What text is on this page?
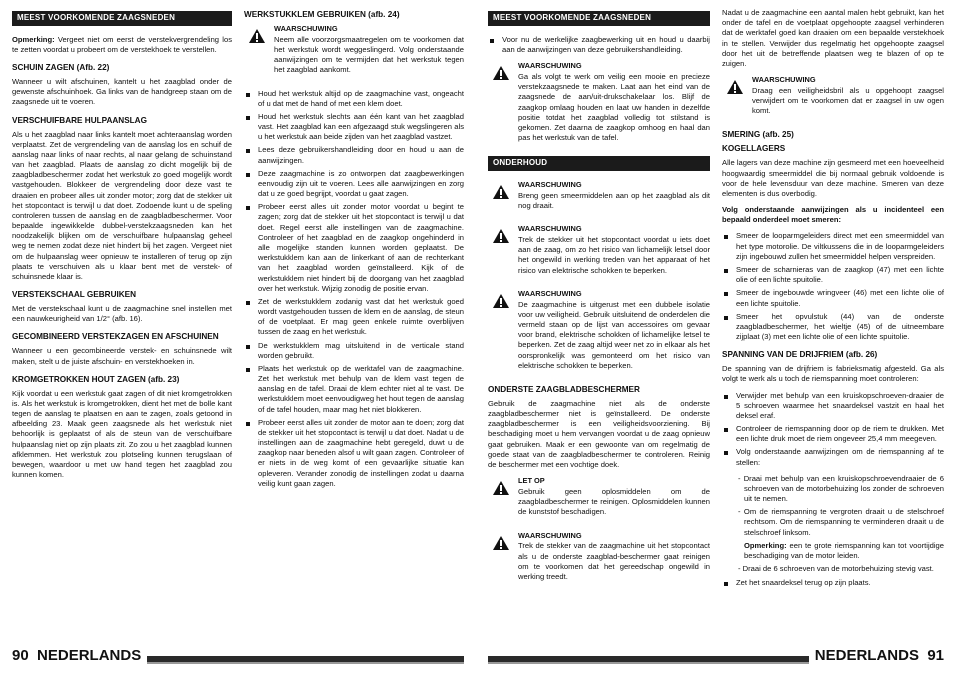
MEEST VOORKOMENDE ZAAGSNEDEN
Opmerking: Vergeet niet om eerst de verstekvergrendeling los te zetten voordat u probeert om de verstekhoek te verstellen.
SCHUIN ZAGEN (Afb. 22)
Wanneer u wilt afschuinen, kantelt u het zaagblad onder de gewenste afschuinhoek. Ga links van de handgreep staan om de zaagsnede uit te voeren.
VERSCHUIFBARE HULPAANSLAG
Als u het zaagblad naar links kantelt moet achteraanslag worden verplaatst. Zet de vergrendeling van de aanslag los en schuif de aanslag naar links of naar rechts, al naar gelang de schuinstand van het zaagblad. Plaats de aanslag zo dicht mogelijk bij de zaagbladbeschermer zodat het werkstuk zo goed mogelijk wordt vastgehouden. Blokkeer de vergrendeling door deze vast te draaien en probeer alles uit zonder motor; zorg dat de stekker uit het stopcontact is terwijl u dat doet. Zodoende kunt u de speling controleren tussen de aanslag en de zaagbladbeschermer. Voor bepaalde ingewikkelde dubbel-verstekzaagsneden kan het noodzakelijk blijken om de verschuifbare hulpaanslag geheel weg te nemen zodat deze niet hindert bij het zagen. Vergeet niet om de hulpaanslag weer opnieuw te installeren of terug op zijn plaats te verschuiven als u klaar bent met de verstek- of schuinsnede klaar is.
VERSTEKSCHAAL GEBRUIKEN
Met de verstekschaal kunt u de zaagmachine snel instellen met een nauwkeurigheid van 1/2° (afb. 16).
GECOMBINEERD VERSTEKZAGEN EN AFSCHUINEN
Wanneer u een gecombineerde verstek- en schuinsnede wilt maken, stelt u de juiste afschuin- en verstekhoeken in.
KROMGETROKKEN HOUT ZAGEN (afb. 23)
Kijk voordat u een werkstuk gaat zagen of dit niet kromgetrokken is. Als het werkstuk is kromgetrokken, dient het met de bolle kant tegen de aanslag te plaatsen en aan te zagen, zoals getoond in afbeelding 23. Maak geen zaagsnede als het werkstuk niet behoorlijk is geplaatst of als de steun van de verschuifbare hulpaanslag niet op zijn plaats zit. Zo zou u het zaagblad kunnen afklemmen. Het werkstuk zou plotseling kunnen terugslaan of bewegen, waardoor u met uw hand tegen het zaagblad zou kunnen komen.
WERKSTUKKLEM GEBRUIKEN (afb. 24)
WAARSCHUWING
Neem alle voorzorgsmaatregelen om te voorkomen dat het werkstuk wordt weggeslingerd. Volg onderstaande aanwijzingen om te vermijden dat het werkstuk tegen het zaagblad aankomt.
Houd het werkstuk altijd op de zaagmachine vast, ongeacht of u dat met de hand of met een klem doet.
Houd het werkstuk slechts aan één kant van het zaagblad vast. Het zaagblad kan een afgezaagd stuk wegslingeren als u het werkstuk aan beide zijden van het zaagblad vastzet.
Lees deze gebruikershandleiding door en houd u aan de aanwijzingen.
Deze zaagmachine is zo ontworpen dat zaagbewerkingen eenvoudig zijn uit te voeren. Lees alle aanwijzingen en zorg dat u ze goed begrijpt, voordat u gaat zagen.
Probeer eerst alles uit zonder motor voordat u begint te zagen; zorg dat de stekker uit het stopcontact is terwijl u dat doet. Regel eerst alle instellingen van de zaagmachine. Controleer of het zaagblad en de zaagkop ongehinderd in alle mogelijke standen kunnen worden geplaatst. De werkstukklem kan aan de linkerkant of aan de rechterkant van het zaagblad worden geïnstalleerd. Kijk of de werkstukklem niet hindert bij de doorgang van het zaagblad over het werkstuk. Wijzig zonodig de positie ervan.
Zet de werkstukklem zodanig vast dat het werkstuk goed wordt vastgehouden tussen de klem en de aanslag, de steun of de voetplaat. Er mag geen enkele ruimte overblijven tussen de zaag en het werkstuk.
De werkstukklem mag uitsluitend in de verticale stand worden gebruikt.
Plaats het werkstuk op de werktafel van de zaagmachine. Zet het werkstuk met behulp van de klem vast tegen de aanslag en de tafel. Draai de klem echter niet al te vast. De werkstukklem moet eenvoudigweg het hout tegen de aanslag of de tafel houden, maar mag het niet blokkeren.
Probeer eerst alles uit zonder de motor aan te doen; zorg dat de stekker uit het stopcontact is terwijl u dat doet. Nadat u de instellingen aan de zaagmachine hebt geregeld, duwt u de zaagkop naar beneden alsof u wilt gaan zagen. Controleer of er niets in de weg komt of een gevaarlijke situatie kan opleveren. Verander zonodig de instellingen zodat u daarna veilig kunt gaan zagen.
MEEST VOORKOMENDE ZAAGSNEDEN
Voor nu de werkelijke zaagbewerking uit en houd u daarbij aan de aanwijzingen van deze gebruikershandleiding.
WAARSCHUWING
Ga als volgt te werk om veilig een mooie en precieze verstekzaagsnede te maken. Laat aan het eind van de zaagsnede de aan/uit-drukschakelaar los. Blijf de zaagkop omlaag houden en laat uw handen in dezelfde positie totdat het zaagblad volledig tot stilstand is gekomen. Zet daarna de zaagkop omhoog en haal dan pas het werkstuk van de tafel.
ONDERHOUD
WAARSCHUWING
Breng geen smeermiddelen aan op het zaagblad als dit nog draait.
WAARSCHUWING
Trek de stekker uit het stopcontact voordat u iets doet aan de zaag, om zo het risico van lichamelijk letsel door het ongewild in werking treden van het apparaat of het risico van elektrische schokken te beperken.
WAARSCHUWING
De zaagmachine is uitgerust met een dubbele isolatie voor uw veiligheid. Gebruik uitsluitend de onderdelen die vermeld staan op de lijst van accessoires om gevaar voor brand, elektrische schokken of lichamelijke letsel te beperken. Zet de zaag altijd weer net zo in elkaar als het oorspronkelijk was gemonteerd om het risico van elektrische schokken te beperken.
ONDERSTE ZAAGBLADBESCHERMER
Gebruik de zaagmachine niet als de onderste zaagbladbeschermer niet is geïnstalleerd. De onderste zaagbladbeschermer is een veiligheidsvoorziening. Bij beschadiging moet u hem vervangen voordat u de zaag opnieuw gaat gebruiken. Maak er een gewoonte van om regelmatig de goede staat van de zaagbladbeschermer te controleren. Reinig de beschermer met een vochtige doek.
LET OP
Gebruik geen oplosmiddelen om de zaagbladbeschermer te reinigen. Oplosmiddelen kunnen de kunststof beschadigen.
WAARSCHUWING
Trek de stekker van de zaagmachine uit het stopcontact als u de onderste zaagblad-beschermer gaat reinigen om te voorkomen dat het gereedschap ongewild in werking treedt.
Nadat u de zaagmachine een aantal malen hebt gebruikt, kan het onder de tafel en de voetplaat opgehoopte zaagsel verhinderen dat de werktafel goed kan draaien om een bepaalde verstekhoek in te stellen. Verwijder dus regelmatig het opgehoopte zaagsel door het uit de betreffende plaatsen weg te blazen of op te zuigen.
WAARSCHUWING
Draag een veiligheidsbril als u opgehoopt zaagsel verwijdert om te voorkomen dat er zaagsel in uw ogen komt.
SMERING (afb. 25)
KOGELLAGERS
Alle lagers van deze machine zijn gesmeerd met een hoeveelheid hoogwaardig smeermiddel die bij normaal gebruik voldoende is voor de hele levensduur van deze machine. Smeren van deze elementen is dus overbodig.
Volg onderstaande aanwijzingen als u incidenteel een bepaald onderdeel moet smeren:
Smeer de looparmgeleiders direct met een smeermiddel van het type motorolie. De viltkussens die in de looparmgeleiders zijn ingebouwd zullen het smeermiddel helpen verspreiden.
Smeer de scharnieras van de zaagkop (47) met een lichte olie of een lichte spuitolie.
Smeer de ingebouwde wringveer (46) met een lichte olie of een lichte spuitolie.
Smeer het opvulstuk (44) van de onderste zaagbladbeschermer, het wieltje (45) of de uitneembare zijplaat (3) met een lichte olie of een lichte spuitolie.
SPANNING VAN DE DRIJFRIEM (afb. 26)
De spanning van de drijfriem is fabrieksmatig afgesteld. Ga als volgt te werk als u toch de riemspanning moet controleren:
Verwijder met behulp van een kruiskopschroeven-draaier de 5 schroeven waarmee het snaardeksel vastzit en haal het deksel eraf.
Controleer de riemspanning door op de riem te drukken. Met een lichte druk moet de riem ongeveer 25,4 mm meegeven.
Volg onderstaande aanwijzingen om de riemspanning af te stellen:
- Draai met behulp van een kruiskopschroevendraaier de 6 schroeven van de motorbehuizing los zonder de schroeven uit te nemen.
- Om de riemspanning te vergroten draait u de stelschroef rechtsom. Om de riemspanning te verminderen draait u de stelschroef linksom.
Opmerking: een te grote riemspanning kan tot voortijdige beschadiging van de motor leiden.
- Draai de 6 schroeven van de motorbehuizing stevig vast.
Zet het snaardeksel terug op zijn plaats.
90 NEDERLANDS	NEDERLANDS 91
